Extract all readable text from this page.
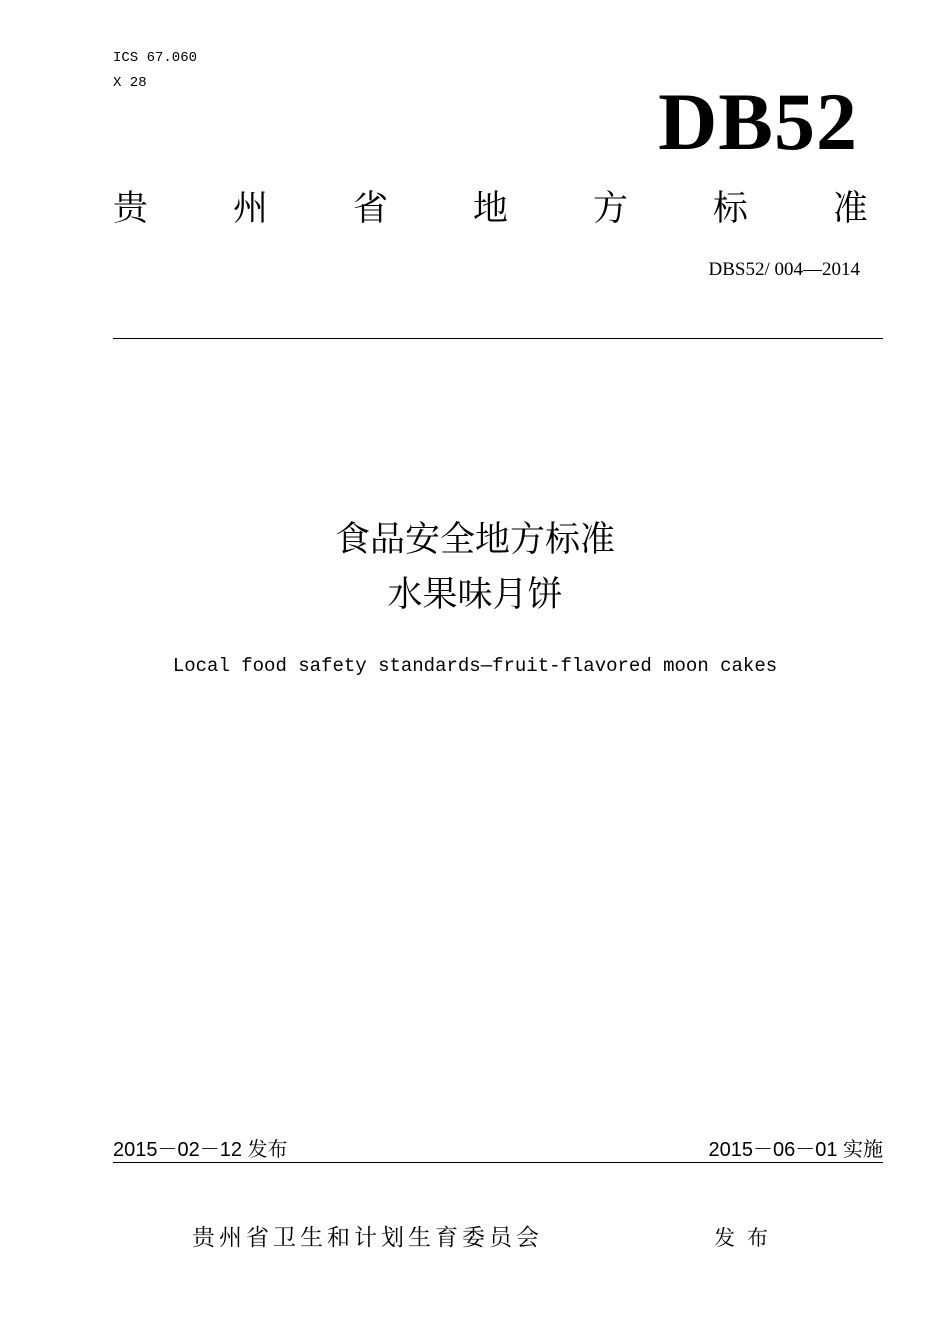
ICS 67.060
X 28	DB52
贵 州 省 地 方 标 准
DBS52/ 004—2014
食品安全地方标准
水果味月饼
Local food safety standards—fruit-flavored moon cakes
2015－02－12 发布	2015－06－01 实施
贵州省卫生和计划生育委员会	发布
